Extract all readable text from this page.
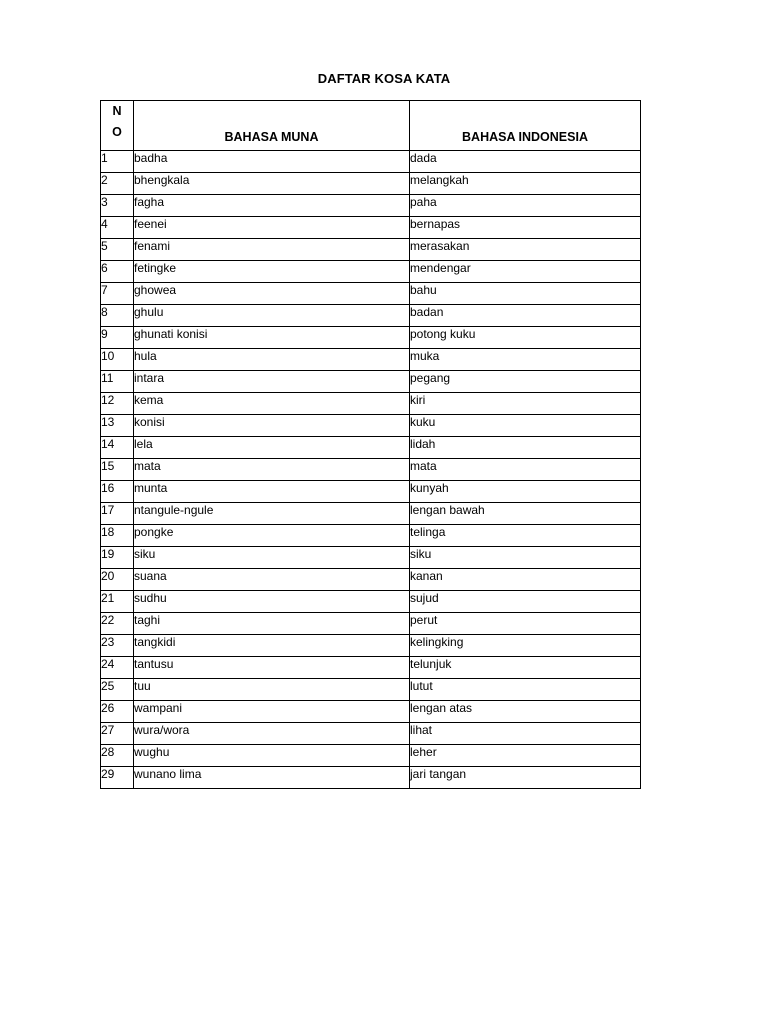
DAFTAR KOSA KATA
N
O	BAHASA MUNA	BAHASA INDONESIA
1	badha	dada
2	bhengkala	melangkah
3	fagha	paha
4	feenei	bernapas
5	fenami	merasakan
6	fetingke	mendengar
7	ghowea	bahu
8	ghulu	badan
9	ghunati konisi	potong kuku
10	hula	muka
11	intara	pegang
12	kema	kiri
13	konisi	kuku
14	lela	lidah
15	mata	mata
16	munta	kunyah
17	ntangule-ngule	lengan bawah
18	pongke	telinga
19	siku	siku
20	suana	kanan
21	sudhu	sujud
22	taghi	perut
23	tangkidi	kelingking
24	tantusu	telunjuk
25	tuu	lutut
26	wampani	lengan atas
27	wura/wora	lihat
28	wughu	leher
29	wunano lima	jari tangan
